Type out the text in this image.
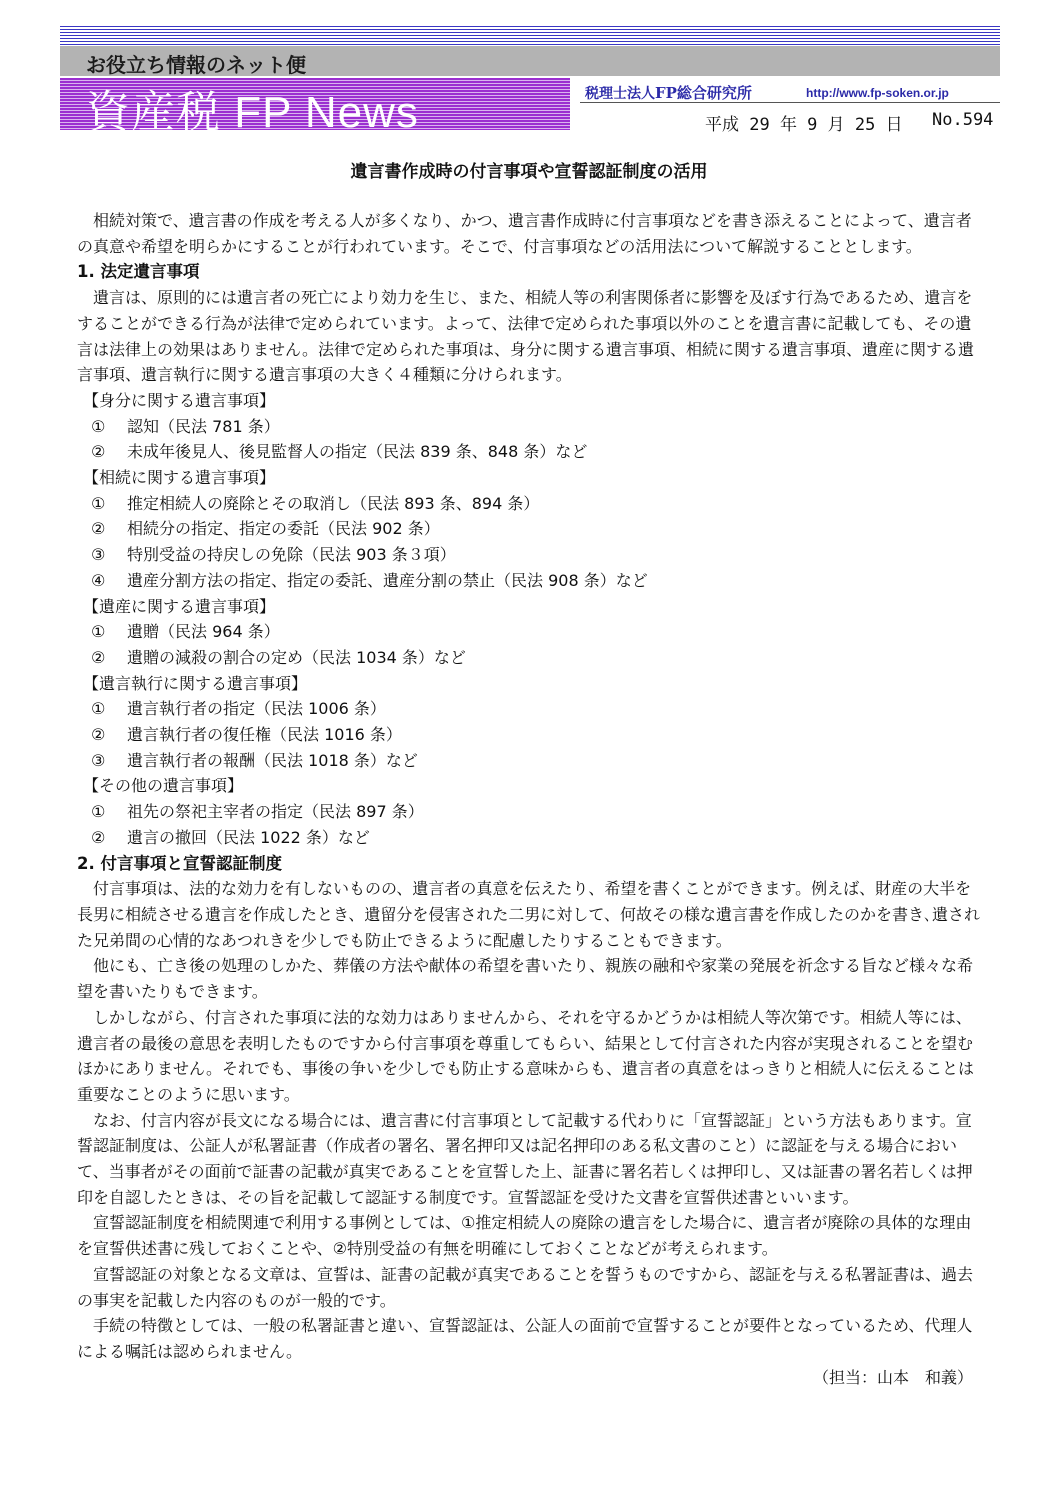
お役立ち情報のネット便
資産税 FP News	税理士法人FP総合研究所	http://www.fp-soken.or.jp
平成 29 年 9 月 25 日 No.594
遺言書作成時の付言事項や宣誓認証制度の活用

相続対策で、遺言書の作成を考える人が多くなり、かつ、遺言書作成時に付言事項などを書き添えることによって、遺言者の真意や希望を明らかにすることが行われています。そこで、付言事項などの活用法について解説することとします。

1. 法定遺言事項

遺言は、原則的には遺言者の死亡により効力を生じ、また、相続人等の利害関係者に影響を及ぼす行為であるため、遺言をすることができる行為が法律で定められています。よって、法律で定められた事項以外のことを遺言書に記載しても、その遺言は法律上の効果はありません。法律で定められた事項は、身分に関する遺言事項、相続に関する遺言事項、遺産に関する遺言事項、遺言執行に関する遺言事項の大きく４種類に分けられます。

【身分に関する遺言事項】

① 認知（民法 781 条）

② 未成年後見人、後見監督人の指定（民法 839 条、848 条）など

【相続に関する遺言事項】

① 推定相続人の廃除とその取消し（民法 893 条、894 条）

② 相続分の指定、指定の委託（民法 902 条）

③ 特別受益の持戻しの免除（民法 903 条３項）

④ 遺産分割方法の指定、指定の委託、遺産分割の禁止（民法 908 条）など

【遺産に関する遺言事項】

① 遺贈（民法 964 条）

② 遺贈の減殺の割合の定め（民法 1034 条）など

【遺言執行に関する遺言事項】

① 遺言執行者の指定（民法 1006 条）

② 遺言執行者の復任権（民法 1016 条）

③ 遺言執行者の報酬（民法 1018 条）など

【その他の遺言事項】

① 祖先の祭祀主宰者の指定（民法 897 条）

② 遺言の撤回（民法 1022 条）など

2. 付言事項と宣誓認証制度

付言事項は、法的な効力を有しないものの、遺言者の真意を伝えたり、希望を書くことができます。例えば、財産の大半を長男に相続させる遺言を作成したとき、遺留分を侵害された二男に対して、何故その様な遺言書を作成したのかを書き､遺された兄弟間の心情的なあつれきを少しでも防止できるように配慮したりすることもできます。

他にも、亡き後の処理のしかた、葬儀の方法や献体の希望を書いたり、親族の融和や家業の発展を祈念する旨など様々な希望を書いたりもできます。

しかしながら、付言された事項に法的な効力はありませんから、それを守るかどうかは相続人等次第です。相続人等には、遺言者の最後の意思を表明したものですから付言事項を尊重してもらい、結果として付言された内容が実現されることを望むほかにありません。それでも、事後の争いを少しでも防止する意味からも、遺言者の真意をはっきりと相続人に伝えることは重要なことのように思います。

なお、付言内容が長文になる場合には、遺言書に付言事項として記載する代わりに「宣誓認証」という方法もあります。宣誓認証制度は、公証人が私署証書（作成者の署名、署名押印又は記名押印のある私文書のこと）に認証を与える場合において、当事者がその面前で証書の記載が真実であることを宣誓した上、証書に署名若しくは押印し、又は証書の署名若しくは押印を自認したときは、その旨を記載して認証する制度です。宣誓認証を受けた文書を宣誓供述書といいます。

宣誓認証制度を相続関連で利用する事例としては、①推定相続人の廃除の遺言をした場合に、遺言者が廃除の具体的な理由を宣誓供述書に残しておくことや、②特別受益の有無を明確にしておくことなどが考えられます。

宣誓認証の対象となる文章は、宣誓は、証書の記載が真実であることを誓うものですから、認証を与える私署証書は、過去の事実を記載した内容のものが一般的です。

手続の特徴としては、一般の私署証書と違い、宣誓認証は、公証人の面前で宣誓することが要件となっているため、代理人による嘱託は認められません。

（担当：山本　和義）
